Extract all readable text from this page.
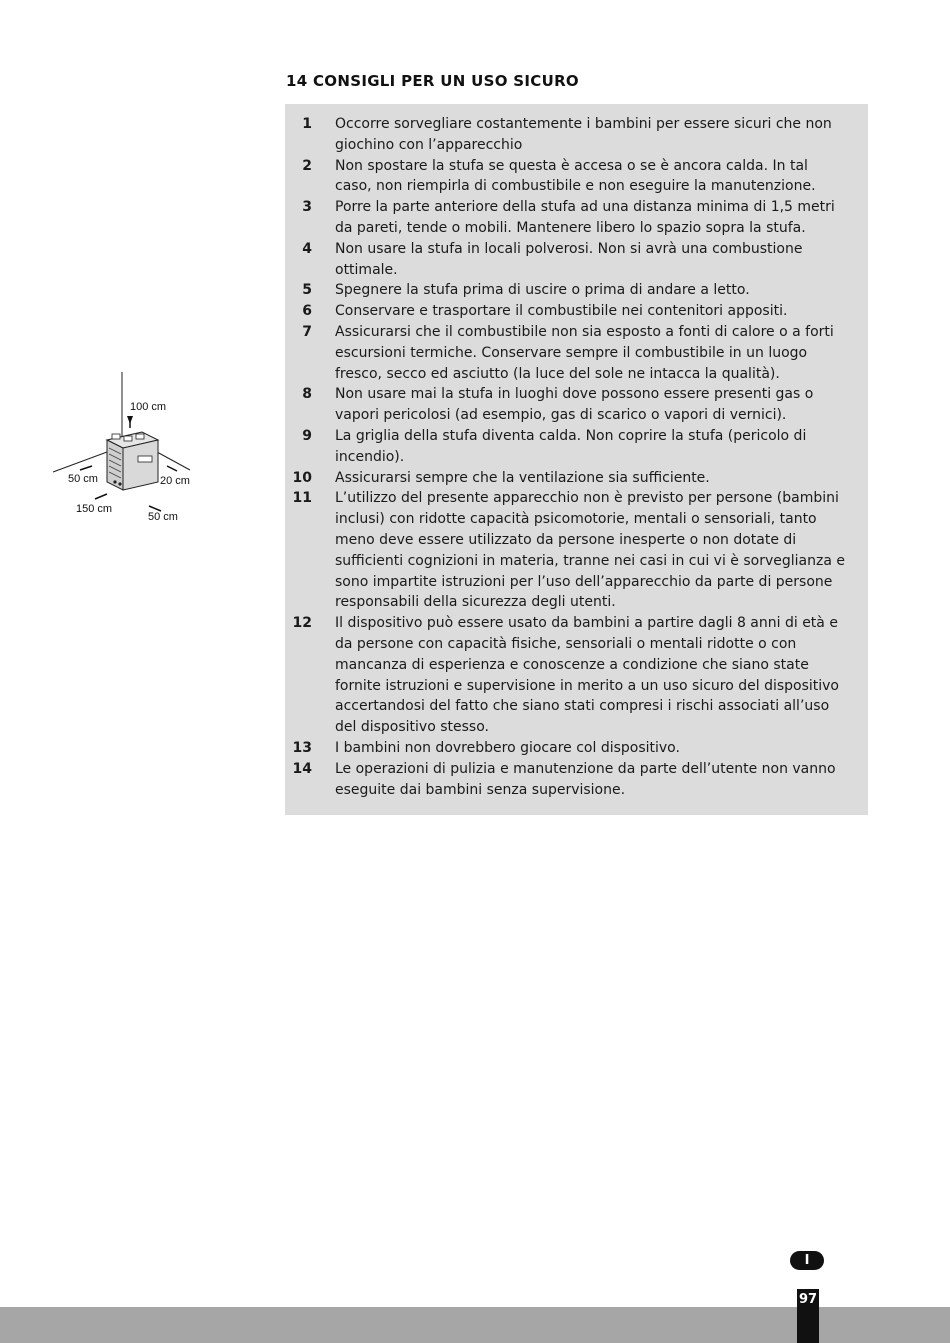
14 CONSIGLI PER UN USO SICURO
1 Occorre sorvegliare costantemente i bambini per essere sicuri che non giochino con l’apparecchio
2 Non spostare la stufa se questa è accesa o se è ancora calda. In tal caso, non riempirla di combustibile e non eseguire la manutenzione.
3 Porre la parte anteriore della stufa ad una distanza minima di 1,5 metri da pareti, tende o mobili. Mantenere libero lo spazio sopra la stufa.
4 Non usare la stufa in locali polverosi. Non si avrà una combustione ottimale.
5 Spegnere la stufa prima di uscire o prima di andare a letto.
6 Conservare e trasportare il combustibile nei contenitori appositi.
7 Assicurarsi che il combustibile non sia esposto a fonti di calore o a forti escursioni termiche. Conservare sempre il combustibile in un luogo fresco, secco ed asciutto (la luce del sole ne intacca la qualità).
8 Non usare mai la stufa in luoghi dove possono essere presenti gas o vapori pericolosi (ad esempio, gas di scarico o vapori di vernici).
9 La griglia della stufa diventa calda. Non coprire la stufa (pericolo di incendio).
10 Assicurarsi sempre che la ventilazione sia sufficiente.
11 L’utilizzo del presente apparecchio non è previsto per persone (bambini inclusi) con ridotte capacità psicomotorie, mentali o sensoriali, tanto meno deve essere utilizzato da persone inesperte o non dotate di sufficienti cognizioni in materia, tranne nei casi in cui vi è sorveglianza e sono impartite istruzioni per l’uso dell’apparecchio da parte di persone responsabili della sicurezza degli utenti.
12 Il dispositivo può essere usato da bambini a partire dagli 8 anni di età e da persone con capacità fisiche, sensoriali o mentali ridotte o con mancanza di esperienza e conoscenze a condizione che siano state fornite istruzioni e supervisione in merito a un uso sicuro del dispositivo accertandosi del fatto che siano stati compresi i rischi associati all’uso del dispositivo stesso.
13 I bambini non dovrebbero giocare col dispositivo.
14 Le operazioni di pulizia e manutenzione da parte dell’utente non vanno eseguite dai bambini senza supervisione.
100 cm
50 cm	20 cm
150 cm
50 cm
I
97
